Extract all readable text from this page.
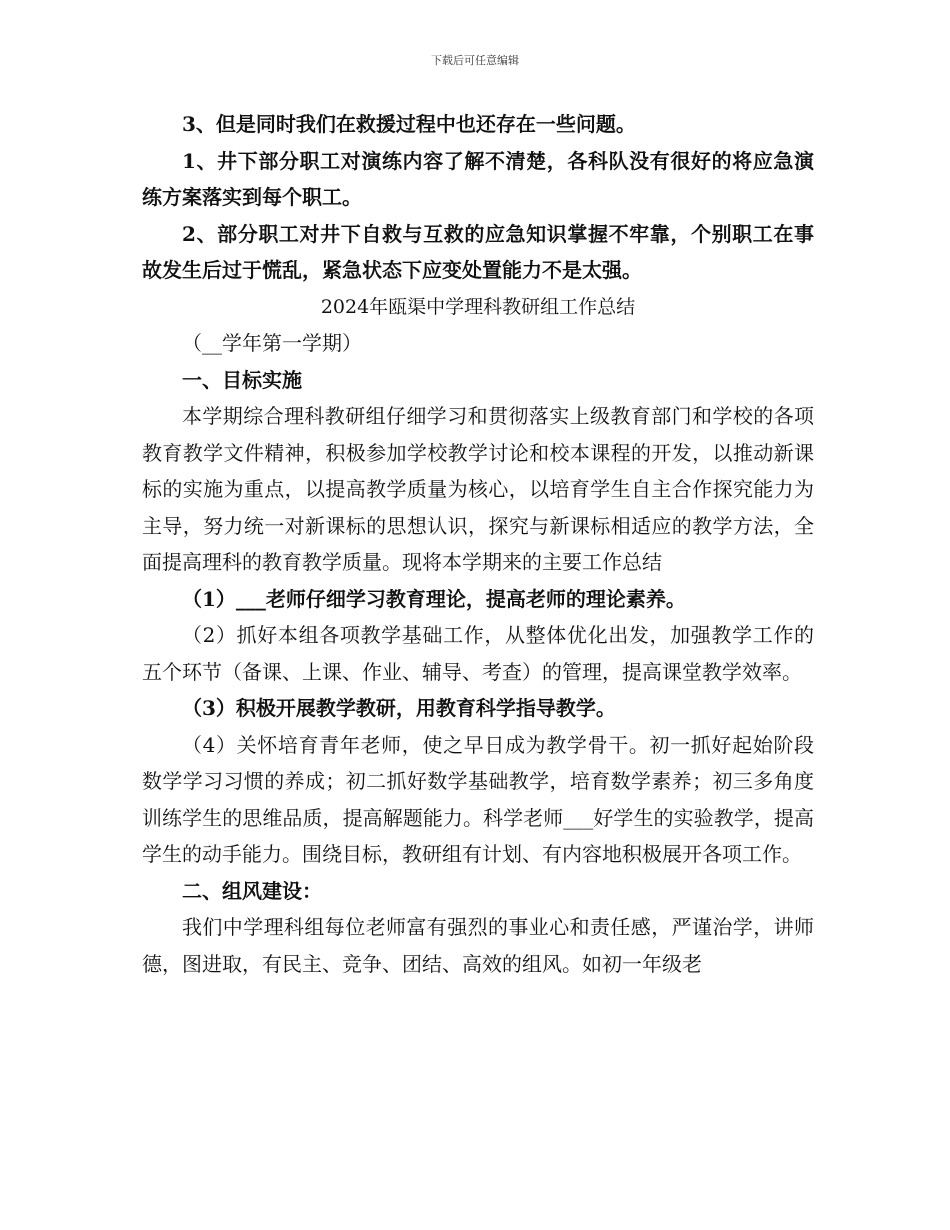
下载后可任意编辑

3、但是同时我们在救援过程中也还存在一些问题。

1、井下部分职工对演练内容了解不清楚，各科队没有很好的将应急演练方案落实到每个职工。

2、部分职工对井下自救与互救的应急知识掌握不牢靠，个别职工在事故发生后过于慌乱，紧急状态下应变处置能力不是太强。

2024年瓯渠中学理科教研组工作总结

（__学年第一学期）

一、目标实施

本学期综合理科教研组仔细学习和贯彻落实上级教育部门和学校的各项教育教学文件精神，积极参加学校教学讨论和校本课程的开发，以推动新课标的实施为重点，以提高教学质量为核心，以培育学生自主合作探究能力为主导，努力统一对新课标的思想认识，探究与新课标相适应的教学方法，全面提高理科的教育教学质量。现将本学期来的主要工作总结

（1）___老师仔细学习教育理论，提高老师的理论素养。

（2）抓好本组各项教学基础工作，从整体优化出发，加强教学工作的五个环节（备课、上课、作业、辅导、考查）的管理，提高课堂教学效率。

（3）积极开展教学教研，用教育科学指导教学。

（4）关怀培育青年老师，使之早日成为教学骨干。初一抓好起始阶段数学学习习惯的养成；初二抓好数学基础教学，培育数学素养；初三多角度训练学生的思维品质，提高解题能力。科学老师___好学生的实验教学，提高学生的动手能力。围绕目标，教研组有计划、有内容地积极展开各项工作。

二、组风建设：

我们中学理科组每位老师富有强烈的事业心和责任感，严谨治学，讲师德，图进取，有民主、竞争、团结、高效的组风。如初一年级老
